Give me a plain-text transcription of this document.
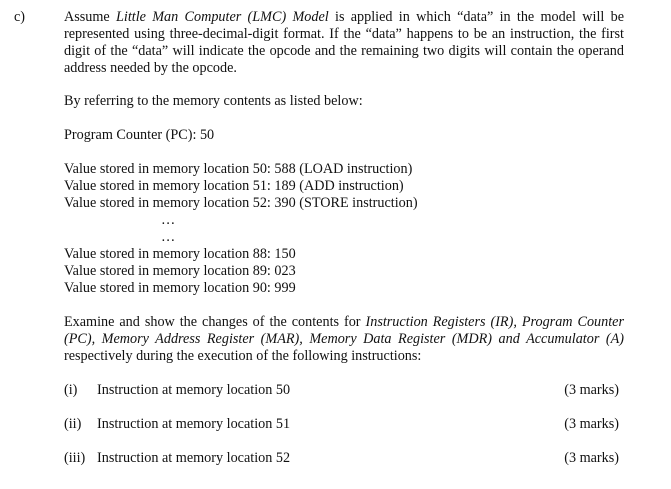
c)	Assume Little Man Computer (LMC) Model is applied in which “data” in the model will be
represented using three-decimal-digit format. If the “data” happens to be an instruction, the first
digit of the “data” will indicate the opcode and the remaining two digits will contain the operand
address needed by the opcode.
By referring to the memory contents as listed below:
Program Counter (PC): 50
Value stored in memory location 50: 588 (LOAD instruction)
Value stored in memory location 51: 189 (ADD instruction)
Value stored in memory location 52: 390 (STORE instruction)
…
…
Value stored in memory location 88: 150
Value stored in memory location 89: 023
Value stored in memory location 90: 999
Examine and show the changes of the contents for Instruction Registers (IR), Program Counter
(PC), Memory Address Register (MAR), Memory Data Register (MDR) and Accumulator (A)
respectively during the execution of the following instructions:
(i) Instruction at memory location 50	(3 marks)
(ii) Instruction at memory location 51	(3 marks)
(iii) Instruction at memory location 52	(3 marks)
